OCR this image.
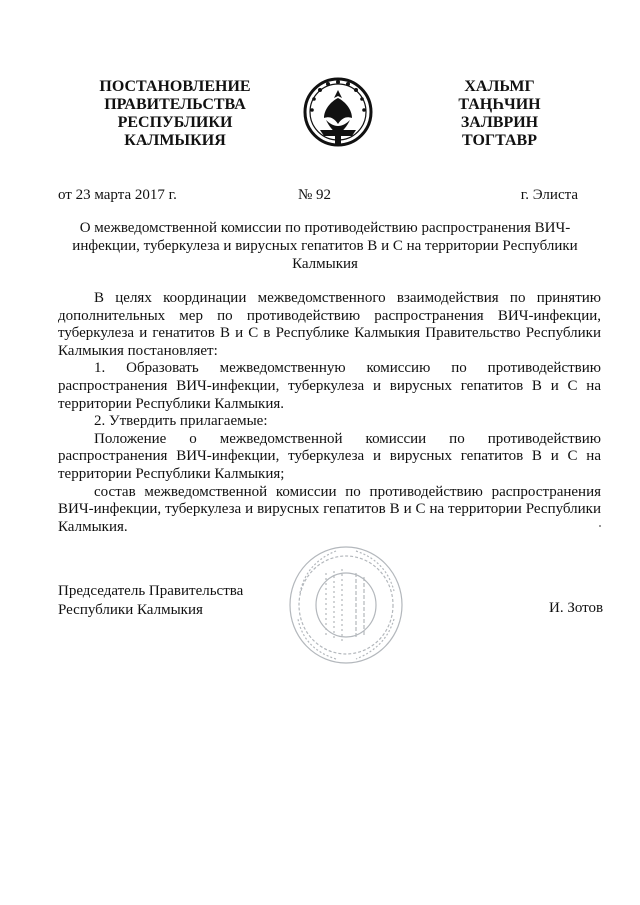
ПОСТАНОВЛЕНИЕ
ПРАВИТЕЛЬСТВА
РЕСПУБЛИКИ
КАЛМЫКИЯ
ХАЛЬМГ
ТАҢҺЧИН
ЗАЛВРИН
ТОГТАВР
от 23 марта 2017 г.	№ 92	г. Элиста
О межведомственной комиссии по противодействию распространения ВИЧ-инфекции, туберкулеза и вирусных гепатитов В и С на территории Республики Калмыкия

В целях координации межведомственного взаимодействия по принятию дополнительных мер по противодействию распространения ВИЧ-инфекции, туберкулеза и генатитов В и С в Республике Калмыкия Правительство Республики Калмыкия постановляет:

1. Образовать межведомственную комиссию по противодействию распространения ВИЧ-инфекции, туберкулеза и вирусных гепатитов В и С на территории Республики Калмыкия.

2. Утвердить прилагаемые:

Положение о межведомственной комиссии по противодействию распространения ВИЧ-инфекции, туберкулеза и вирусных гепатитов В и С на территории Республики Калмыкия;

состав межведомственной комиссии по противодействию распространения ВИЧ-инфекции, туберкулеза и вирусных гепатитов В и С на территории Республики Калмыкия.

Председатель Правительства
Республики Калмыкия	И. Зотов
